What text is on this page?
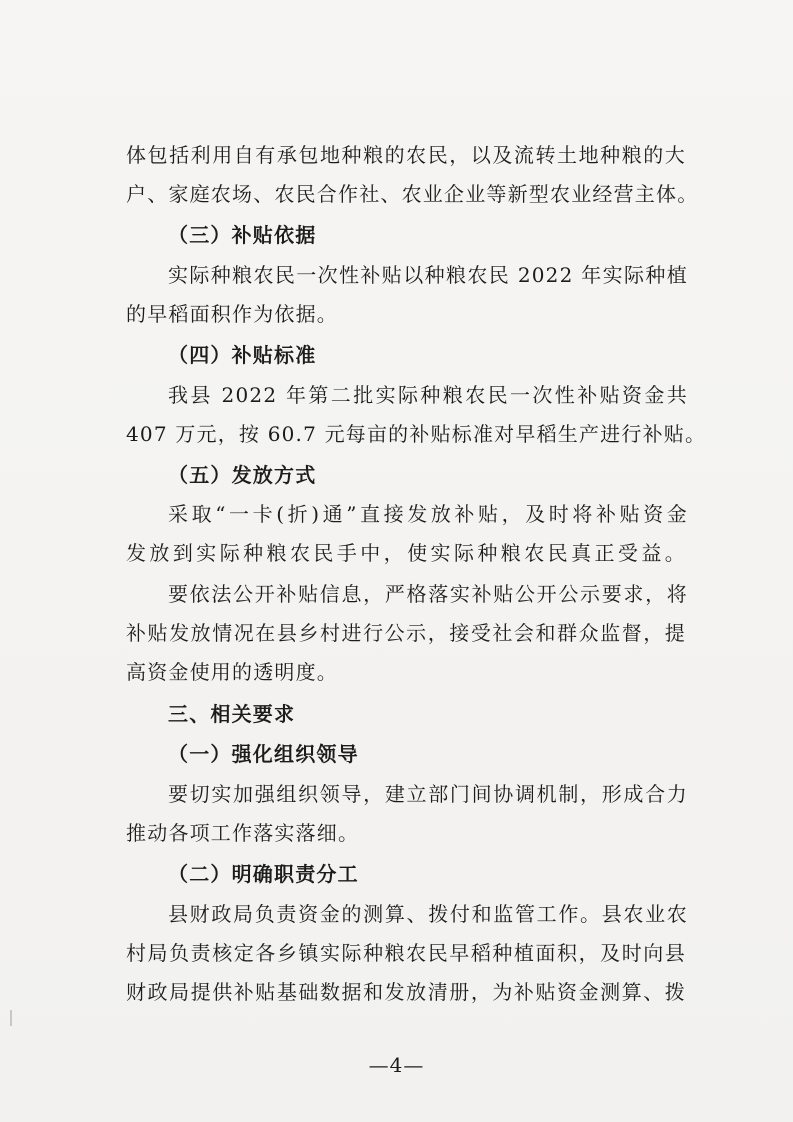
体包括利用自有承包地种粮的农民，以及流转土地种粮的大
户、家庭农场、农民合作社、农业企业等新型农业经营主体。
（三）补贴依据
实际种粮农民一次性补贴以种粮农民 2022 年实际种植
的早稻面积作为依据。
（四）补贴标准
我县 2022 年第二批实际种粮农民一次性补贴资金共
407 万元，按 60.7 元每亩的补贴标准对早稻生产进行补贴。
（五）发放方式
采取“一卡(折)通”直接发放补贴，及时将补贴资金
发放到实际种粮农民手中，使实际种粮农民真正受益。
要依法公开补贴信息，严格落实补贴公开公示要求，将
补贴发放情况在县乡村进行公示，接受社会和群众监督，提
高资金使用的透明度。
三、相关要求
（一）强化组织领导
要切实加强组织领导，建立部门间协调机制，形成合力
推动各项工作落实落细。
（二）明确职责分工
县财政局负责资金的测算、拨付和监管工作。县农业农
村局负责核定各乡镇实际种粮农民早稻种植面积，及时向县
财政局提供补贴基础数据和发放清册，为补贴资金测算、拨
—4—
